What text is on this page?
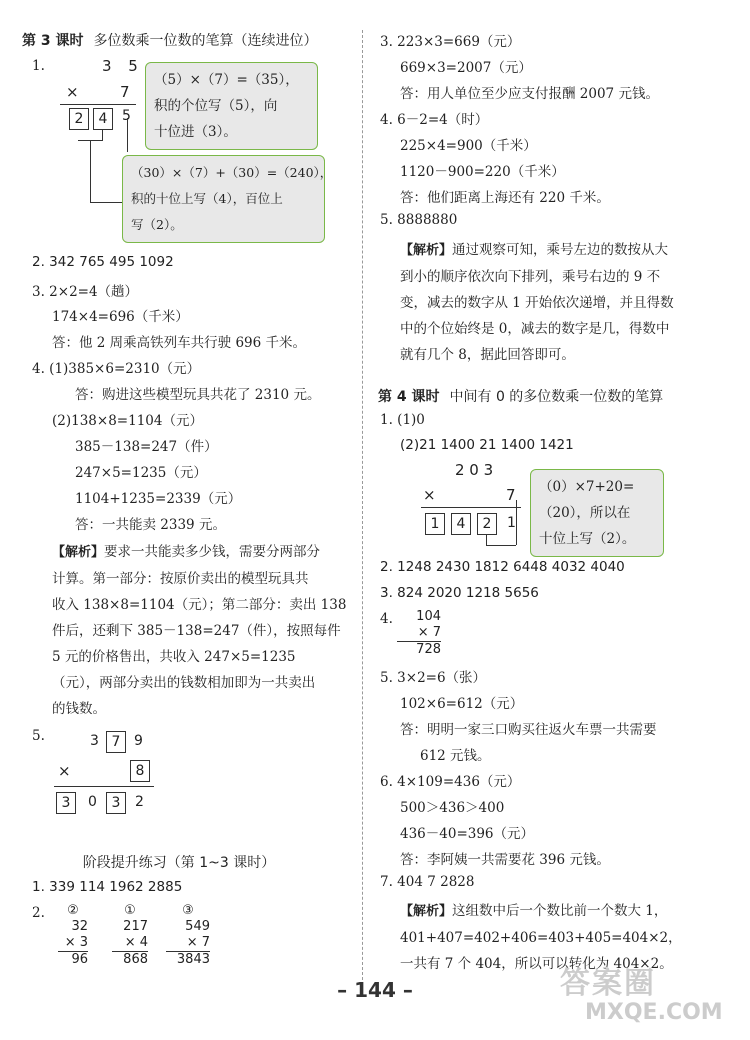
第 3 课时 多位数乘一位数的笔算（连续进位）
1.	3 5
×	7
2	4	5
（5）×（7）=（35），
积的个位写（5），向
十位进（3）。
（30）×（7）+（30）=（240），
积的十位上写（4），百位上
写（2）。
2. 342 765 495 1092
3. 2×2=4（趟）
174×4=696（千米）
答：他 2 周乘高铁列车共行驶 696 千米。
4. (1)385×6=2310（元）
答：购进这些模型玩具共花了 2310 元。
(2)138×8=1104（元）
385－138=247（件）
247×5=1235（元）
1104+1235=2339（元）
答：一共能卖 2339 元。
【解析】要求一共能卖多少钱，需要分两部分
计算。第一部分：按原价卖出的模型玩具共
收入 138×8=1104（元）；第二部分：卖出 138
件后，还剩下 385－138=247（件），按照每件
5 元的价格售出，共收入 247×5=1235
（元），两部分卖出的钱数相加即为一共卖出
的钱数。
5.	3 7 9
×	8
3	0	3	2
阶段提升练习（第 1~3 课时）
1. 339 114 1962 2885
2.	②
32
× 3
96
①
217
× 4
868
③
549
× 7
3843
3. 223×3=669（元）
669×3=2007（元）
答：用人单位至少应支付报酬 2007 元钱。
4. 6－2=4（时）
225×4=900（千米）
1120－900=220（千米）
答：他们距离上海还有 220 千米。
5. 8888880
【解析】通过观察可知，乘号左边的数按从大
到小的顺序依次向下排列，乘号右边的 9 不
变，减去的数字从 1 开始依次递增，并且得数
中的个位始终是 0，减去的数字是几，得数中
就有几个 8，据此回答即可。
第 4 课时 中间有 0 的多位数乘一位数的笔算
1. (1)0
(2)21 1400 21 1400 1421
2 0 3
×	7
1	4	2	1
（0）×7+20=
（20），所以在
十位上写（2）。
2. 1248 2430 1812 6448 4032 4040
3. 824 2020 1218 5656
4.	104
× 7
728
5. 3×2=6（张）
102×6=612（元）
答：明明一家三口购买往返火车票一共需要
612 元钱。
6. 4×109=436（元）
500＞436＞400
436－40=396（元）
答：李阿姨一共需要花 396 元钱。
7. 404 7 2828
【解析】这组数中后一个数比前一个数大 1，
401+407=402+406=403+405=404×2，
一共有 7 个 404，所以可以转化为 404×2。
– 144 –	答案圈
MXQE.COM
